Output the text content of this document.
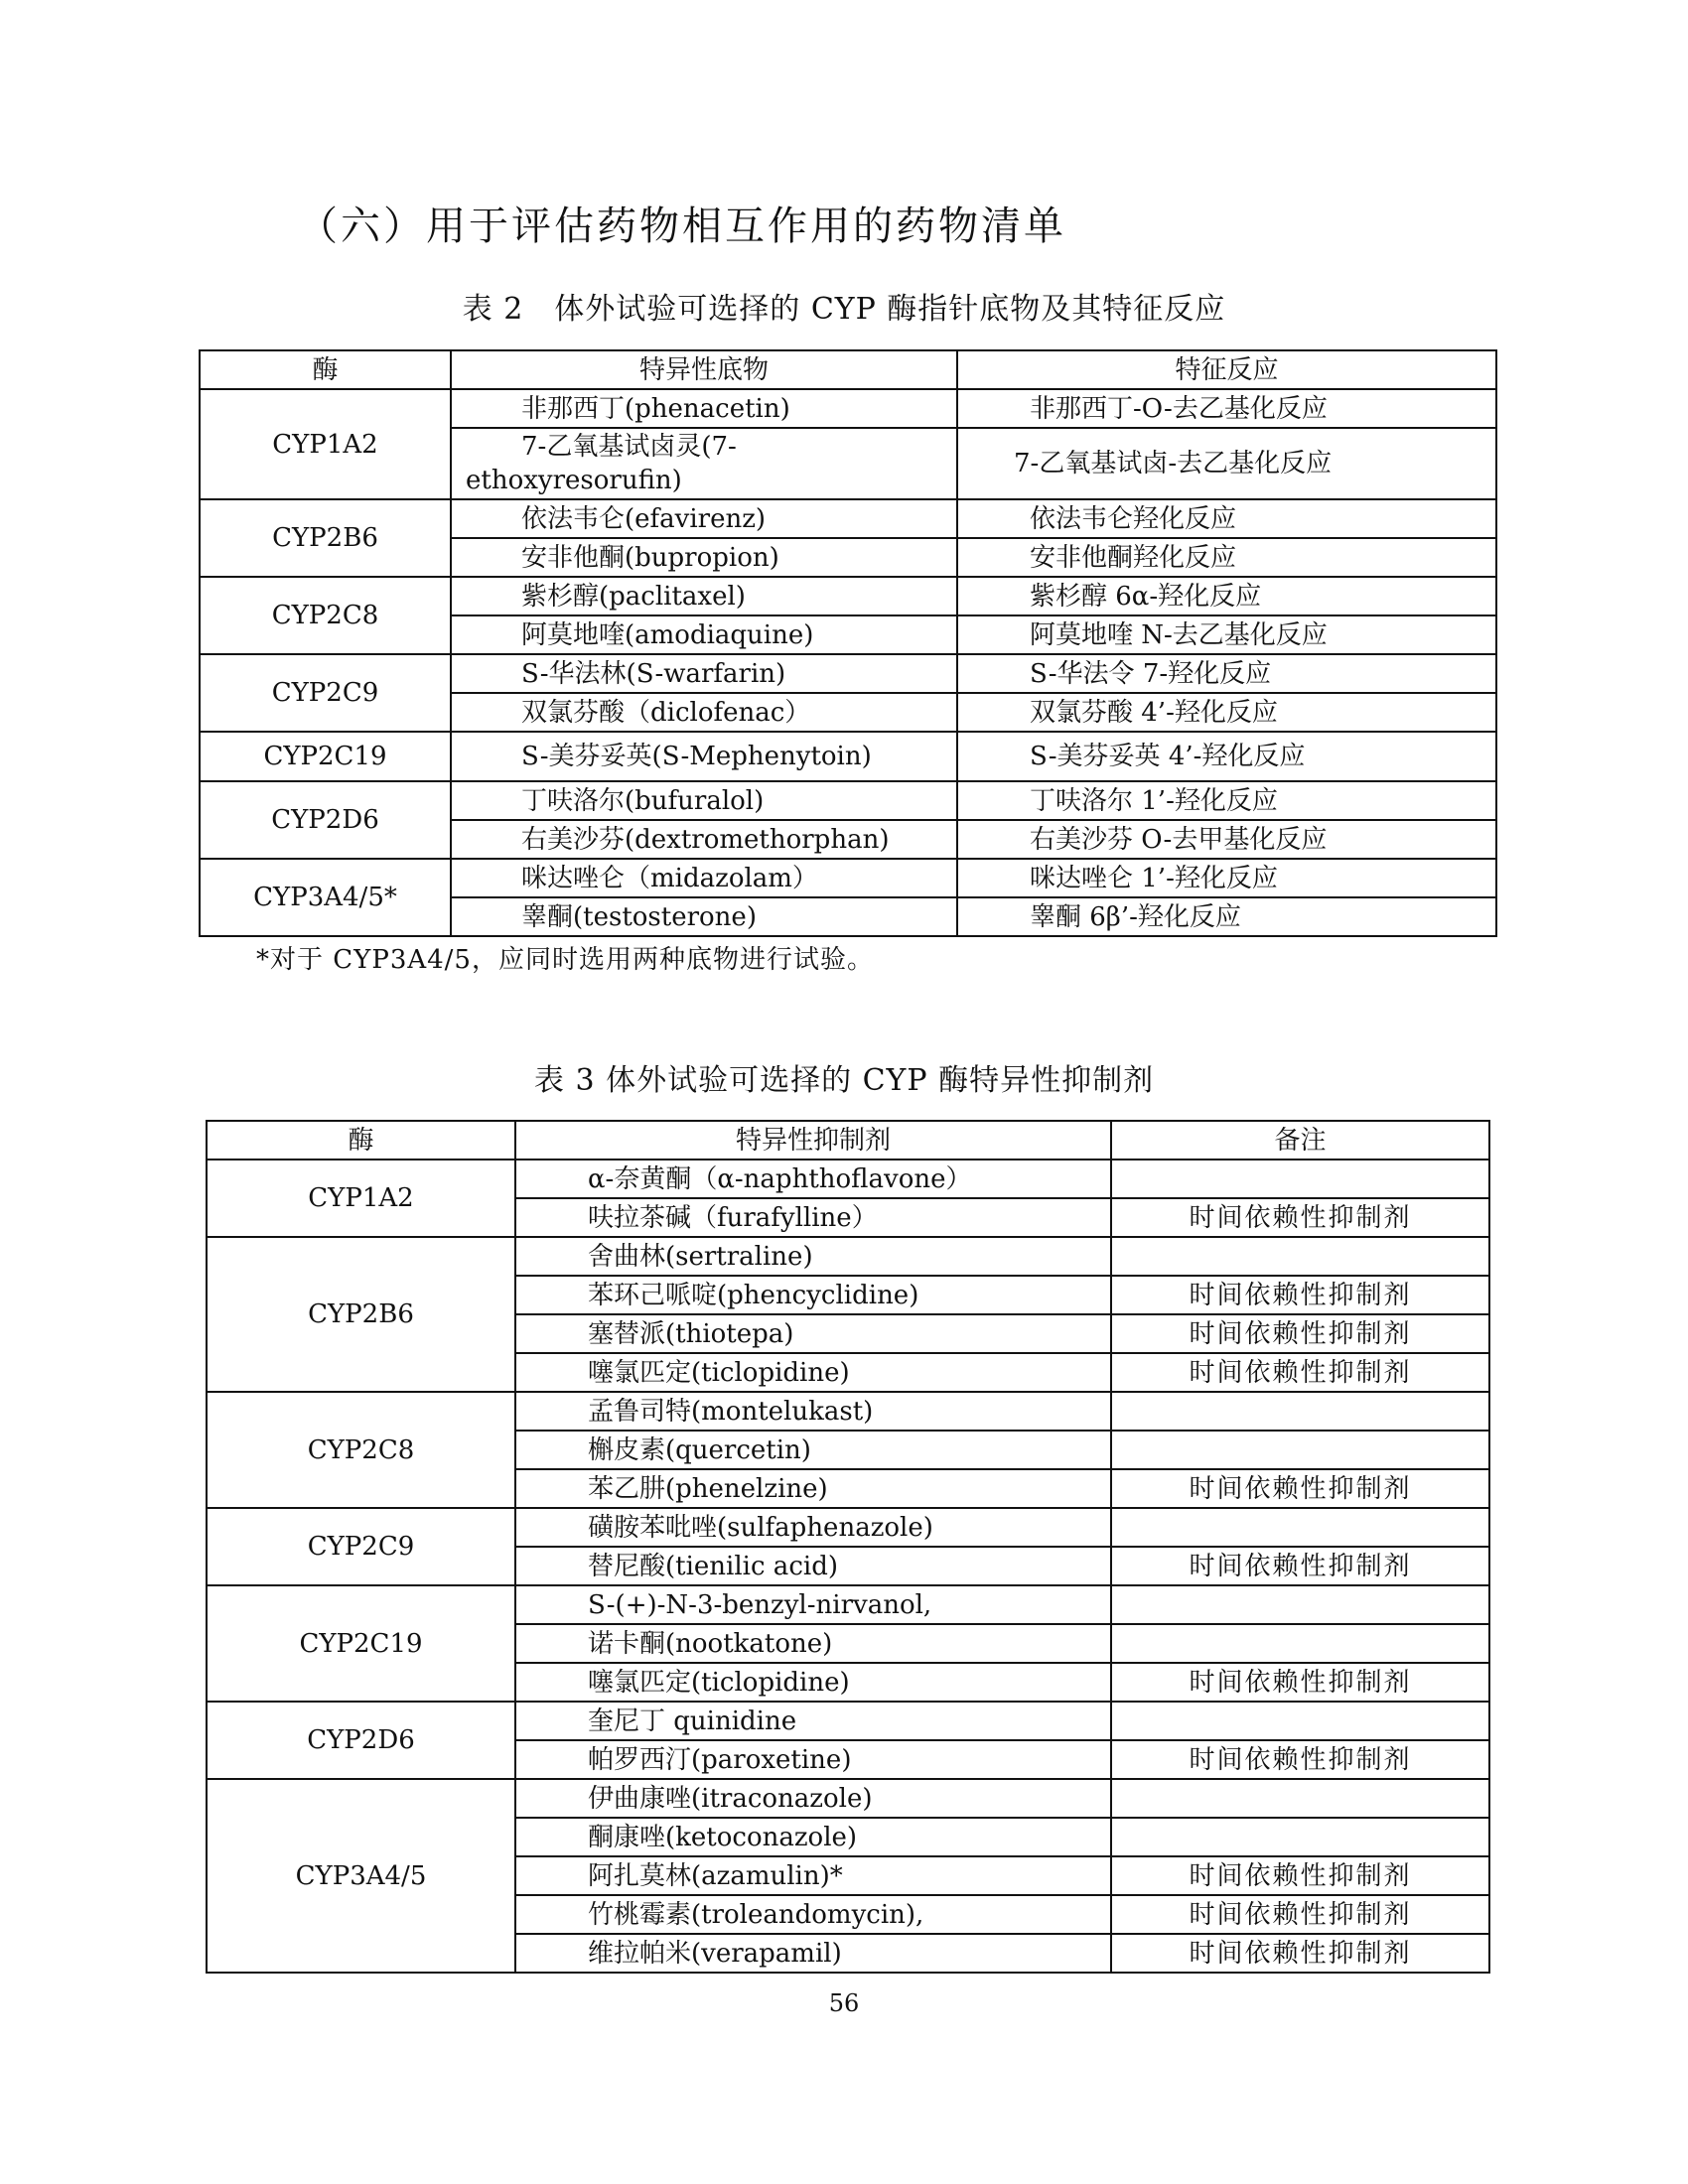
（六）用于评估药物相互作用的药物清单
表 2　体外试验可选择的 CYP 酶指针底物及其特征反应
酶	特异性底物	特征反应
CYP1A2	非那西丁(phenacetin)	非那西丁-O-去乙基化反应

	7-乙氧基试卤灵(7-
ethoxyresorufin)	7-乙氧基试卤-去乙基化反应
CYP2B6	依法韦仑(efavirenz)	依法韦仑羟化反应
	安非他酮(bupropion)	安非他酮羟化反应
CYP2C8	紫杉醇(paclitaxel)	紫杉醇 6α-羟化反应
	阿莫地喹(amodiaquine)	阿莫地喹 N-去乙基化反应
CYP2C9	S-华法林(S-warfarin)	S-华法令 7-羟化反应
	双氯芬酸（diclofenac）	双氯芬酸 4’-羟化反应
CYP2C19	S-美芬妥英(S-Mephenytoin)	S-美芬妥英 4’-羟化反应
CYP2D6	丁呋洛尔(bufuralol)	丁呋洛尔 1’-羟化反应
	右美沙芬(dextromethorphan)	右美沙芬 O-去甲基化反应
CYP3A4/5*	咪达唑仑（midazolam）	咪达唑仑 1’-羟化反应
	睾酮(testosterone)	睾酮 6β’-羟化反应
*对于 CYP3A4/5，应同时选用两种底物进行试验。
表 3 体外试验可选择的 CYP 酶特异性抑制剂
酶	特异性抑制剂	备注
CYP1A2	α-奈黄酮（α-naphthoflavone）	
	呋拉茶碱（furafylline）	时间依赖性抑制剂
CYP2B6	舍曲林(sertraline)	
	苯环己哌啶(phencyclidine)	时间依赖性抑制剂
	塞替派(thiotepa)	时间依赖性抑制剂
	噻氯匹定(ticlopidine)	时间依赖性抑制剂
CYP2C8	孟鲁司特(montelukast)	
	槲皮素(quercetin)	
	苯乙肼(phenelzine)	时间依赖性抑制剂
CYP2C9	磺胺苯吡唑(sulfaphenazole)	
	替尼酸(tienilic acid)	时间依赖性抑制剂
CYP2C19	S-(+)-N-3-benzyl-nirvanol,	
	诺卡酮(nootkatone)	
	噻氯匹定(ticlopidine)	时间依赖性抑制剂
CYP2D6	奎尼丁 quinidine	
	帕罗西汀(paroxetine)	时间依赖性抑制剂
CYP3A4/5	伊曲康唑(itraconazole)	
	酮康唑(ketoconazole)	
	阿扎莫林(azamulin)*	时间依赖性抑制剂
	竹桃霉素(troleandomycin),	时间依赖性抑制剂
	维拉帕米(verapamil)	时间依赖性抑制剂
56
